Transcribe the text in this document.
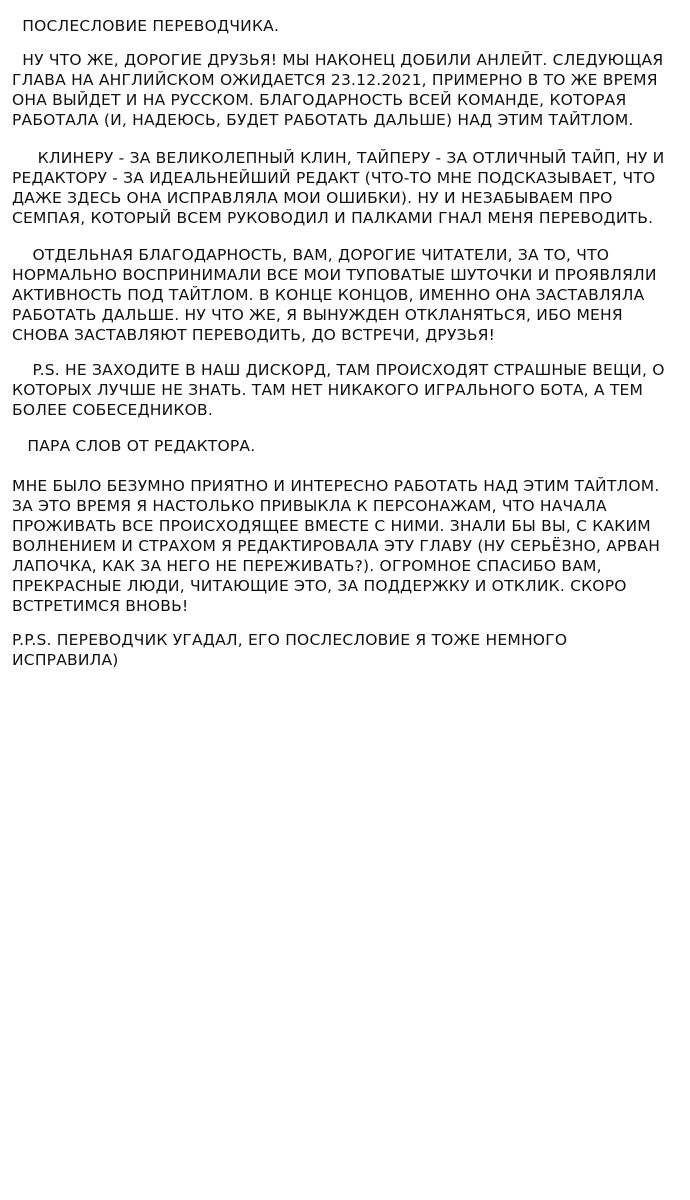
ПОСЛЕСЛОВИЕ ПЕРЕВОДЧИКА.

НУ ЧТО ЖЕ, ДОРОГИЕ ДРУЗЬЯ! МЫ НАКОНЕЦ ДОБИЛИ АНЛЕЙТ. СЛЕДУЮЩАЯ
ГЛАВА НА АНГЛИЙСКОМ ОЖИДАЕТСЯ 23.12.2021, ПРИМЕРНО В ТО ЖЕ ВРЕМЯ
ОНА ВЫЙДЕТ И НА РУССКОМ. БЛАГОДАРНОСТЬ ВСЕЙ КОМАНДЕ, КОТОРАЯ
РАБОТАЛА (И, НАДЕЮСЬ, БУДЕТ РАБОТАТЬ ДАЛЬШЕ) НАД ЭТИМ ТАЙТЛОМ.

КЛИНЕРУ - ЗА ВЕЛИКОЛЕПНЫЙ КЛИН, ТАЙПЕРУ - ЗА ОТЛИЧНЫЙ ТАЙП, НУ И
РЕДАКТОРУ - ЗА ИДЕАЛЬНЕЙШИЙ РЕДАКТ (ЧТО-ТО МНЕ ПОДСКАЗЫВАЕТ, ЧТО
ДАЖЕ ЗДЕСЬ ОНА ИСПРАВЛЯЛА МОИ ОШИБКИ). НУ И НЕЗАБЫВАЕМ ПРО
СЕМПАЯ, КОТОРЫЙ ВСЕМ РУКОВОДИЛ И ПАЛКАМИ ГНАЛ МЕНЯ ПЕРЕВОДИТЬ.

ОТДЕЛЬНАЯ БЛАГОДАРНОСТЬ, ВАМ, ДОРОГИЕ ЧИТАТЕЛИ, ЗА ТО, ЧТО
НОРМАЛЬНО ВОСПРИНИМАЛИ ВСЕ МОИ ТУПОВАТЫЕ ШУТОЧКИ И ПРОЯВЛЯЛИ
АКТИВНОСТЬ ПОД ТАЙТЛОМ. В КОНЦЕ КОНЦОВ, ИМЕННО ОНА ЗАСТАВЛЯЛА
РАБОТАТЬ ДАЛЬШЕ. НУ ЧТО ЖЕ, Я ВЫНУЖДЕН ОТКЛАНЯТЬСЯ, ИБО МЕНЯ
СНОВА ЗАСТАВЛЯЮТ ПЕРЕВОДИТЬ, ДО ВСТРЕЧИ, ДРУЗЬЯ!

P.S. НЕ ЗАХОДИТЕ В НАШ ДИСКОРД, ТАМ ПРОИСХОДЯТ СТРАШНЫЕ ВЕЩИ, О
КОТОРЫХ ЛУЧШЕ НЕ ЗНАТЬ. ТАМ НЕТ НИКАКОГО ИГРАЛЬНОГО БОТА, А ТЕМ
БОЛЕЕ СОБЕСЕДНИКОВ.

ПАРА СЛОВ ОТ РЕДАКТОРА.

МНЕ БЫЛО БЕЗУМНО ПРИЯТНО И ИНТЕРЕСНО РАБОТАТЬ НАД ЭТИМ ТАЙТЛОМ.
ЗА ЭТО ВРЕМЯ Я НАСТОЛЬКО ПРИВЫКЛА К ПЕРСОНАЖАМ, ЧТО НАЧАЛА
ПРОЖИВАТЬ ВСЕ ПРОИСХОДЯЩЕЕ ВМЕСТЕ С НИМИ. ЗНАЛИ БЫ ВЫ, С КАКИМ
ВОЛНЕНИЕМ И СТРАХОМ Я РЕДАКТИРОВАЛА ЭТУ ГЛАВУ (НУ СЕРЬЁЗНО, АРВАН
ЛАПОЧКА, КАК ЗА НЕГО НЕ ПЕРЕЖИВАТЬ?). ОГРОМНОЕ СПАСИБО ВАМ,
ПРЕКРАСНЫЕ ЛЮДИ, ЧИТАЮЩИЕ ЭТО, ЗА ПОДДЕРЖКУ И ОТКЛИК. СКОРО
ВСТРЕТИМСЯ ВНОВЬ!

P.P.S. ПЕРЕВОДЧИК УГАДАЛ, ЕГО ПОСЛЕСЛОВИЕ Я ТОЖЕ НЕМНОГО
ИСПРАВИЛА)
